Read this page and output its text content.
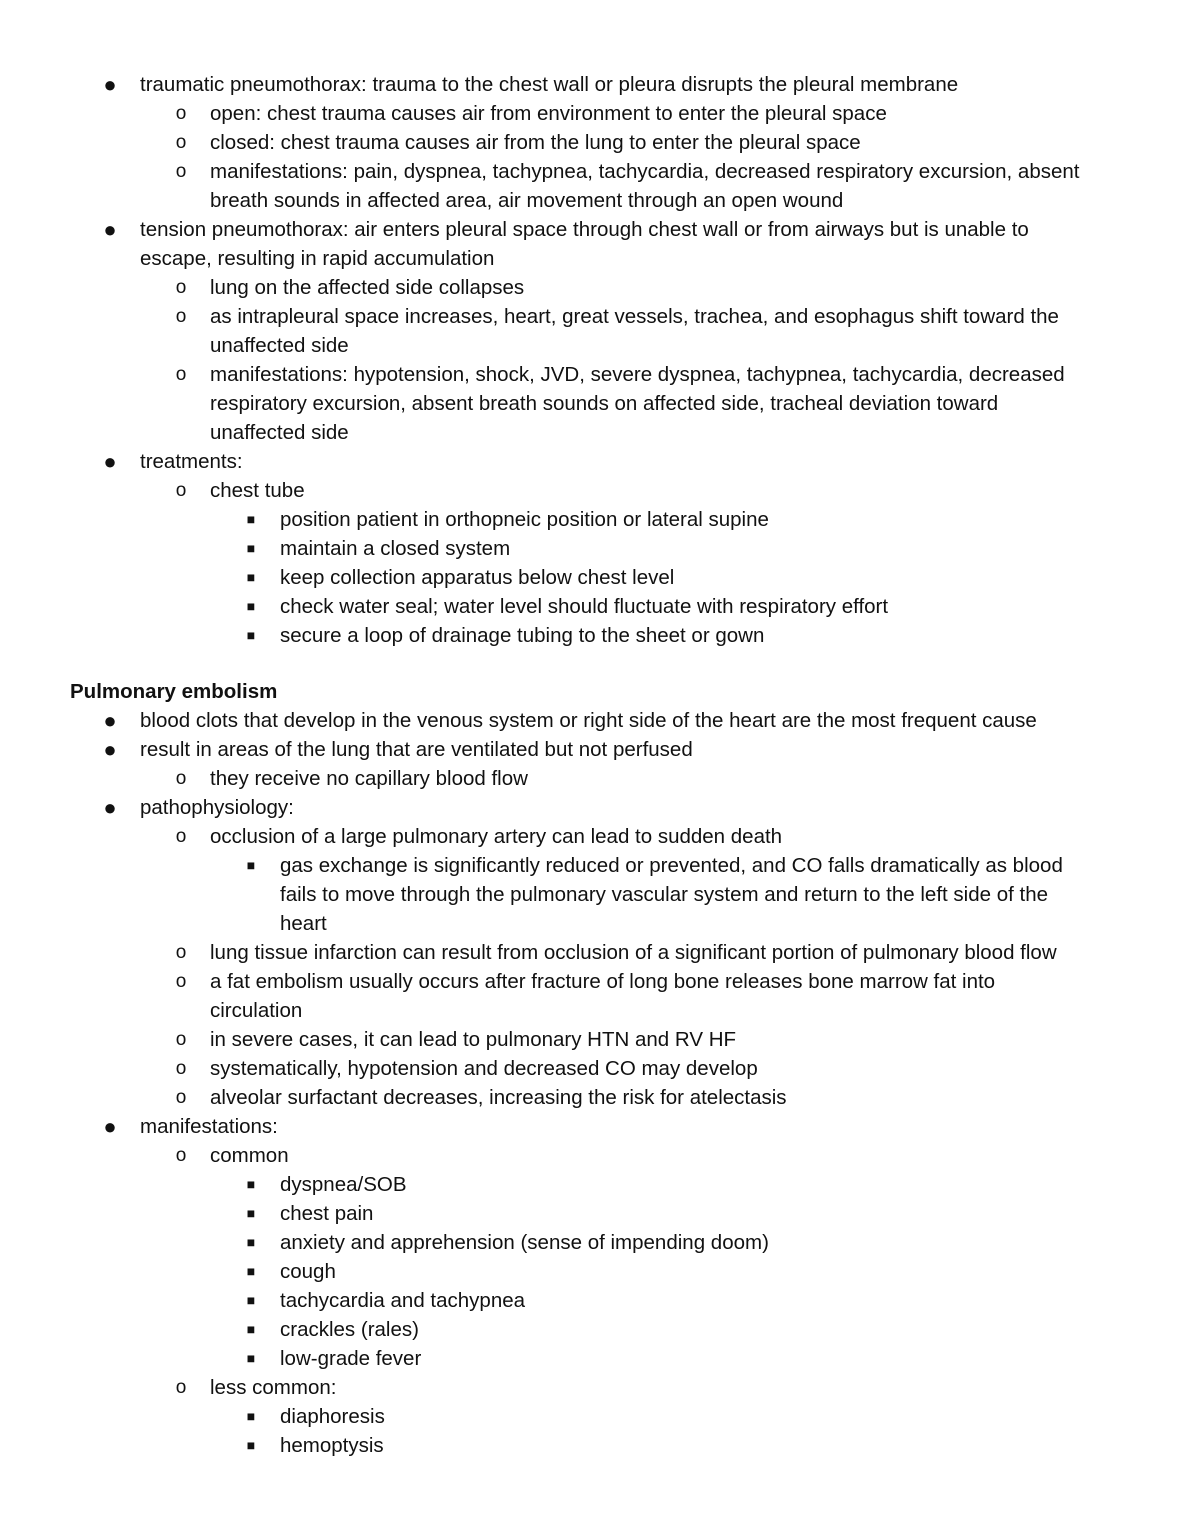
● traumatic pneumothorax: trauma to the chest wall or pleura disrupts the pleural membrane
o open: chest trauma causes air from environment to enter the pleural space
o closed: chest trauma causes air from the lung to enter the pleural space
o manifestations: pain, dyspnea, tachypnea, tachycardia, decreased respiratory excursion, absent
breath sounds in affected area, air movement through an open wound
● tension pneumothorax: air enters pleural space through chest wall or from airways but is unable to
escape, resulting in rapid accumulation
o lung on the affected side collapses
o as intrapleural space increases, heart, great vessels, trachea, and esophagus shift toward the
unaffected side
o manifestations: hypotension, shock, JVD, severe dyspnea, tachypnea, tachycardia, decreased
respiratory excursion, absent breath sounds on affected side, tracheal deviation toward
unaffected side
● treatments:
o chest tube
■ position patient in orthopneic position or lateral supine
■ maintain a closed system
■ keep collection apparatus below chest level
■ check water seal; water level should fluctuate with respiratory effort
■ secure a loop of drainage tubing to the sheet or gown
Pulmonary embolism
● blood clots that develop in the venous system or right side of the heart are the most frequent cause
● result in areas of the lung that are ventilated but not perfused
o they receive no capillary blood flow
● pathophysiology:
o occlusion of a large pulmonary artery can lead to sudden death
■ gas exchange is significantly reduced or prevented, and CO falls dramatically as blood
fails to move through the pulmonary vascular system and return to the left side of the
heart
o lung tissue infarction can result from occlusion of a significant portion of pulmonary blood flow
o a fat embolism usually occurs after fracture of long bone releases bone marrow fat into
circulation
o in severe cases, it can lead to pulmonary HTN and RV HF
o systematically, hypotension and decreased CO may develop
o alveolar surfactant decreases, increasing the risk for atelectasis
● manifestations:
o common
■ dyspnea/SOB
■ chest pain
■ anxiety and apprehension (sense of impending doom)
■ cough
■ tachycardia and tachypnea
■ crackles (rales)
■ low-grade fever
o less common:
■ diaphoresis
■ hemoptysis
